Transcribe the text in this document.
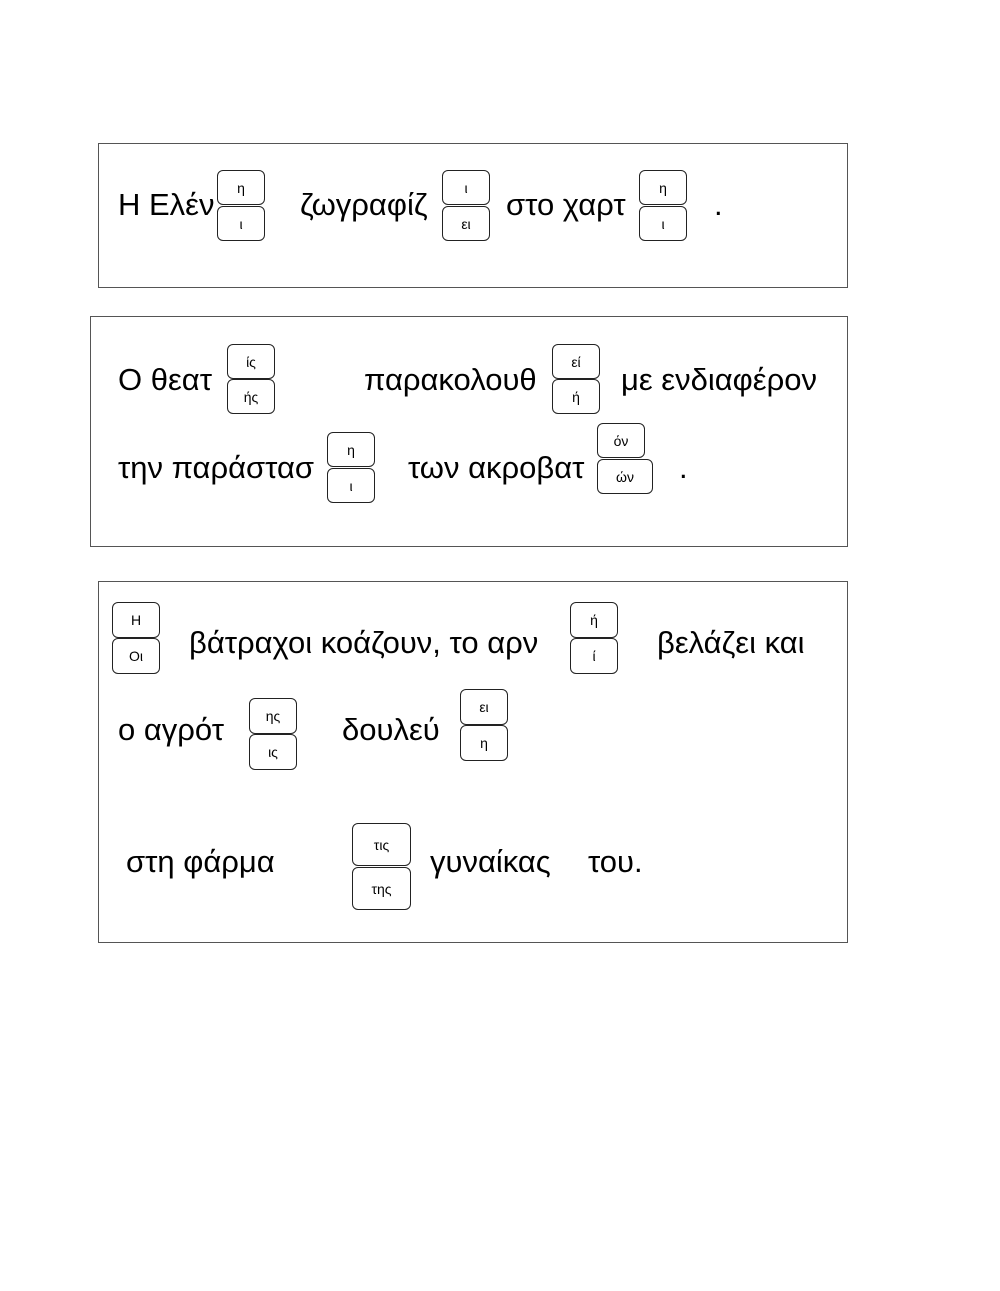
Η Ελέν	η
ι
ζωγραφίζ	ι
ει
στο χαρτ	η
ι
.
Ο θεατ
ίς
ής	παρακολουθ
εί
ή	με ενδιαφέρον
την παράστασ
η
ι
των ακροβατ
όν
ών	.
Η
Οι	βάτραχοι κοάζουν, το αρν
ή
ί	βελάζει και
ο αγρότ	ης
ις
δουλεύ
ει
η
στη φάρμα	τις
της
γυναίκας του.
